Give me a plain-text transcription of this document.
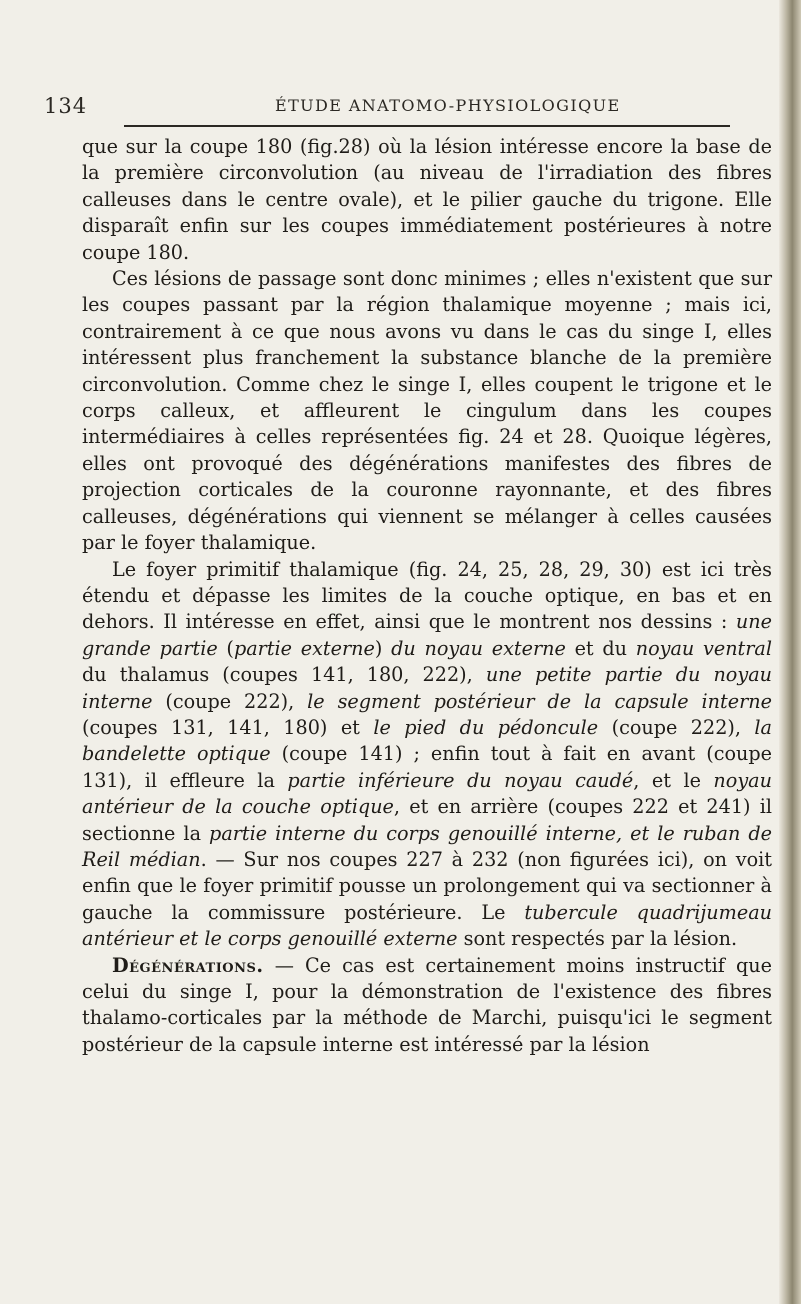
134	ÉTUDE ANATOMO-PHYSIOLOGIQUE

que sur la coupe 180 (fig.28) où la lésion intéresse encore la base de la première circonvolution (au niveau de l'irradiation des fibres calleuses dans le centre ovale), et le pilier gauche du trigone. Elle disparaît enfin sur les coupes immédiatement postérieures à notre coupe 180.

Ces lésions de passage sont donc minimes ; elles n'existent que sur les coupes passant par la région thalamique moyenne ; mais ici, contrairement à ce que nous avons vu dans le cas du singe I, elles intéressent plus franchement la substance blanche de la première circonvolution. Comme chez le singe I, elles coupent le trigone et le corps calleux, et affleurent le cingulum dans les coupes intermédiaires à celles représentées fig. 24 et 28. Quoique légères, elles ont provoqué des dégénérations manifestes des fibres de projection corticales de la couronne rayonnante, et des fibres calleuses, dégénérations qui viennent se mélanger à celles causées par le foyer thalamique.

Le foyer primitif thalamique (fig. 24, 25, 28, 29, 30) est ici très étendu et dépasse les limites de la couche optique, en bas et en dehors. Il intéresse en effet, ainsi que le montrent nos dessins : une grande partie (partie externe) du noyau externe et du noyau ventral du thalamus (coupes 141, 180, 222), une petite partie du noyau interne (coupe 222), le segment postérieur de la capsule interne (coupes 131, 141, 180) et le pied du pédoncule (coupe 222), la bandelette optique (coupe 141) ; enfin tout à fait en avant (coupe 131), il effleure la partie inférieure du noyau caudé, et le noyau antérieur de la couche optique, et en arrière (coupes 222 et 241) il sectionne la partie interne du corps genouillé interne, et le ruban de Reil médian. — Sur nos coupes 227 à 232 (non figurées ici), on voit enfin que le foyer primitif pousse un prolongement qui va sectionner à gauche la commissure postérieure. Le tubercule quadrijumeau antérieur et le corps genouillé externe sont respectés par la lésion.

Dégénérations. — Ce cas est certainement moins instructif que celui du singe I, pour la démonstration de l'existence des fibres thalamo-corticales par la méthode de Marchi, puisqu'ici le segment postérieur de la capsule interne est intéressé par la lésion
